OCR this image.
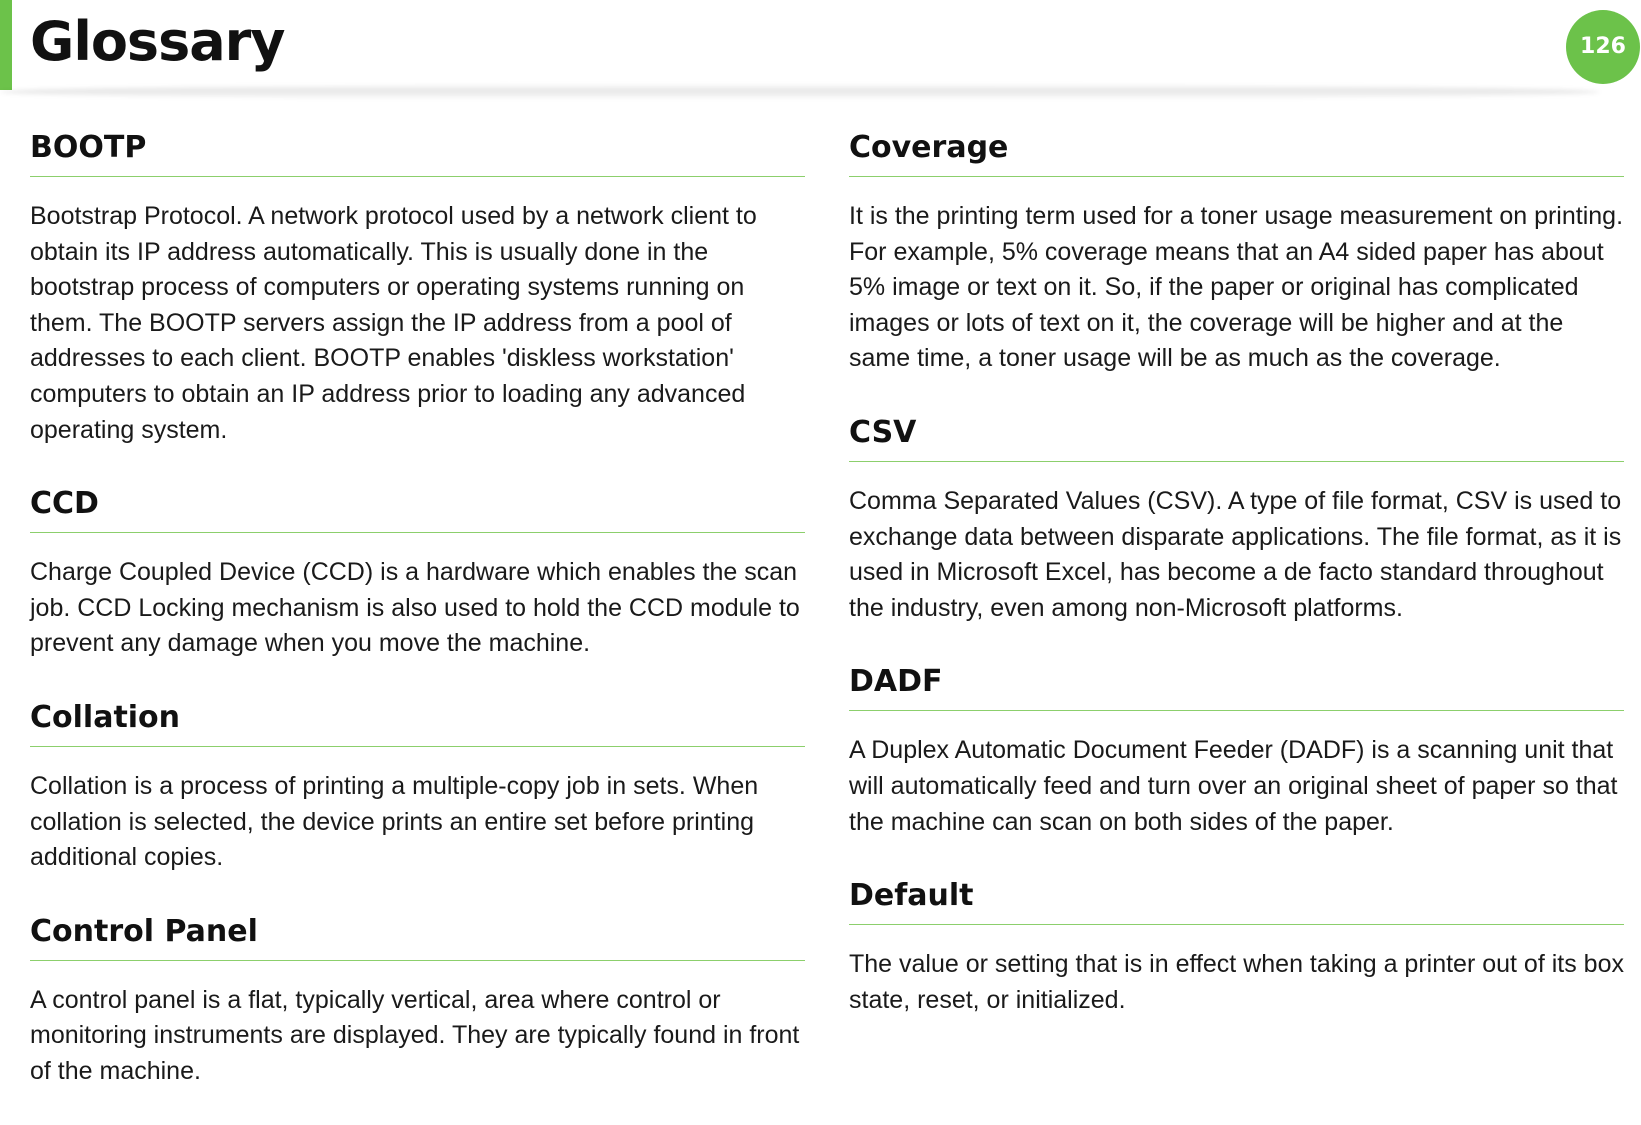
Glossary	126
BOOTP

Bootstrap Protocol. A network protocol used by a network client to obtain its IP address automatically. This is usually done in the bootstrap process of computers or operating systems running on them. The BOOTP servers assign the IP address from a pool of addresses to each client. BOOTP enables 'diskless workstation' computers to obtain an IP address prior to loading any advanced operating system.

CCD

Charge Coupled Device (CCD) is a hardware which enables the scan job. CCD Locking mechanism is also used to hold the CCD module to prevent any damage when you move the machine.

Collation

Collation is a process of printing a multiple-copy job in sets. When collation is selected, the device prints an entire set before printing additional copies.

Control Panel

A control panel is a flat, typically vertical, area where control or monitoring instruments are displayed. They are typically found in front of the machine.

Coverage

It is the printing term used for a toner usage measurement on printing. For example, 5% coverage means that an A4 sided paper has about 5% image or text on it. So, if the paper or original has complicated images or lots of text on it, the coverage will be higher and at the same time, a toner usage will be as much as the coverage.

CSV

Comma Separated Values (CSV). A type of file format, CSV is used to exchange data between disparate applications. The file format, as it is used in Microsoft Excel, has become a de facto standard throughout the industry, even among non-Microsoft platforms.

DADF

A Duplex Automatic Document Feeder (DADF) is a scanning unit that will automatically feed and turn over an original sheet of paper so that the machine can scan on both sides of the paper.

Default

The value or setting that is in effect when taking a printer out of its box state, reset, or initialized.
